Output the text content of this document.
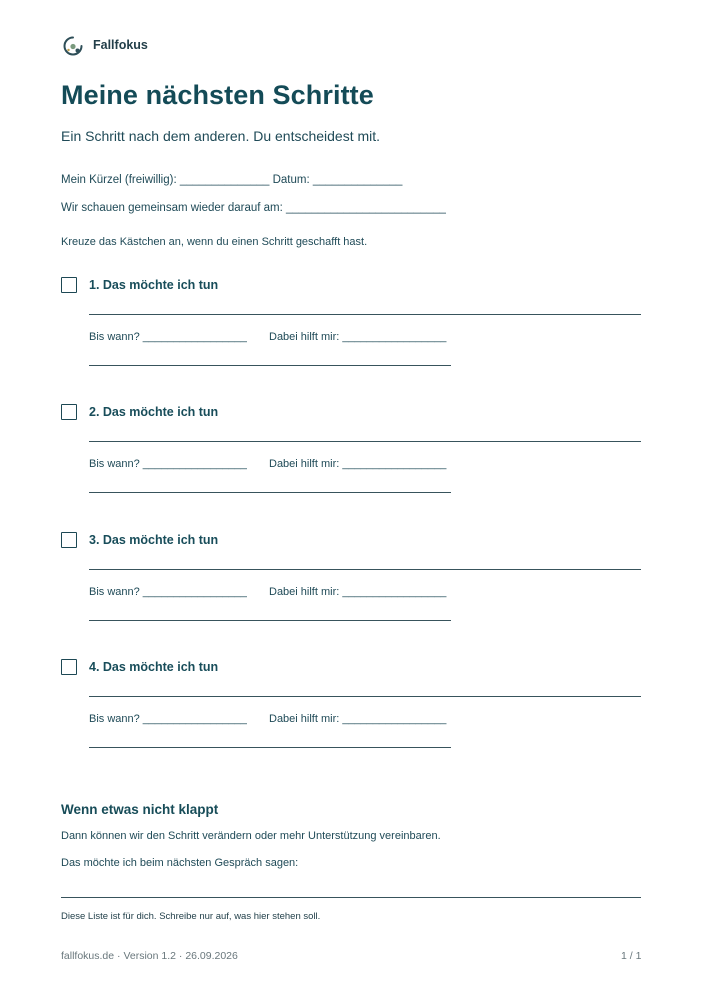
Fallfokus
Meine nächsten Schritte

Ein Schritt nach dem anderen. Du entscheidest mit.

Mein Kürzel (freiwillig): ______________ Datum: ______________
Wir schauen gemeinsam wieder darauf am: _________________________
Kreuze das Kästchen an, wenn du einen Schritt geschafft hast.
1. Das möchte ich tun
Bis wann? _________________ Dabei hilft mir: _________________
2. Das möchte ich tun
Bis wann? _________________ Dabei hilft mir: _________________
3. Das möchte ich tun
Bis wann? _________________ Dabei hilft mir: _________________
4. Das möchte ich tun
Bis wann? _________________ Dabei hilft mir: _________________
Wenn etwas nicht klappt
Dann können wir den Schritt verändern oder mehr Unterstützung vereinbaren.
Das möchte ich beim nächsten Gespräch sagen:
Diese Liste ist für dich. Schreibe nur auf, was hier stehen soll.
fallfokus.de · Version 1.2 · 26.09.2026	1 / 1
